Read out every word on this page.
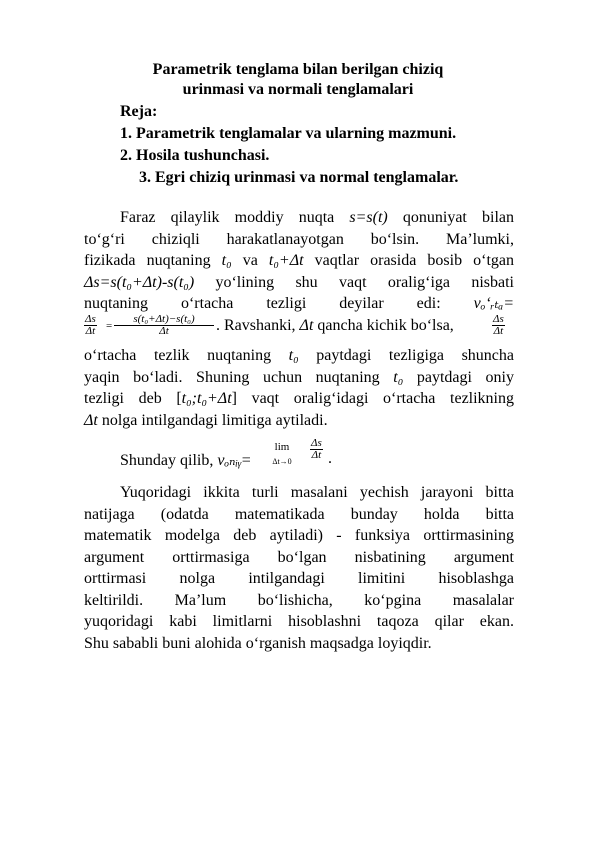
Parametrik tenglama bilan berilgan chiziq
urinmasi va normali tenglamalari
Reja:
1. Parametrik tenglamalar va ularning mazmuni.
2. Hosila tushunchasi.
3. Egri chiziq urinmasi va normal tenglamalar.
Faraz qilaylik moddiy nuqta s=s(t) qonuniyat bilan
to‘g‘ri chiziqli harakatlanayotgan bo‘lsin. Ma’lumki,
fizikada nuqtaning t₀ va t₀+Δt vaqtlar orasida bosib o‘tgan
Δs=s(t₀+Δt)-s(t₀) yo‘lining shu vaqt oralig‘iga nisbati
nuqtaning o‘rtacha tezligi deyilar edi: vₒ‘ᵣₜₐ=
$\frac{\Delta s}{\Delta t} = \frac{\text{s(t₀+Δt)−s(t₀)}}{\Delta t}$ . Ravshanki, Δt qancha kichik bo‘lsa,	$\frac{\Delta s}{\Delta t}$
o‘rtacha tezlik nuqtaning t₀ paytdagi tezligiga shuncha
yaqin bo‘ladi. Shuning uchun nuqtaning t₀ paytdagi oniy
tezligi deb [t₀;t₀+Δt] vaqt oralig‘idagi o‘rtacha tezlikning
Δt nolga intilgandagi limitiga aytiladi.
Shunday qilib, vₒₙᵢᵧ=
lim
Δt→0
$\frac{\Delta s}{\Delta t}$ .
Yuqoridagi ikkita turli masalani yechish jarayoni bitta
natijaga (odatda matematikada bunday holda bitta
matematik modelga deb aytiladi) - funksiya orttirmasining
argument orttirmasiga bo‘lgan nisbatining argument
orttirmasi nolga intilgandagi limitini hisoblashga
keltirildi. Ma’lum bo‘lishicha, ko‘pgina masalalar
yuqoridagi kabi limitlarni hisoblashni taqoza qilar ekan.
Shu sababli buni alohida o‘rganish maqsadga loyiqdir.
